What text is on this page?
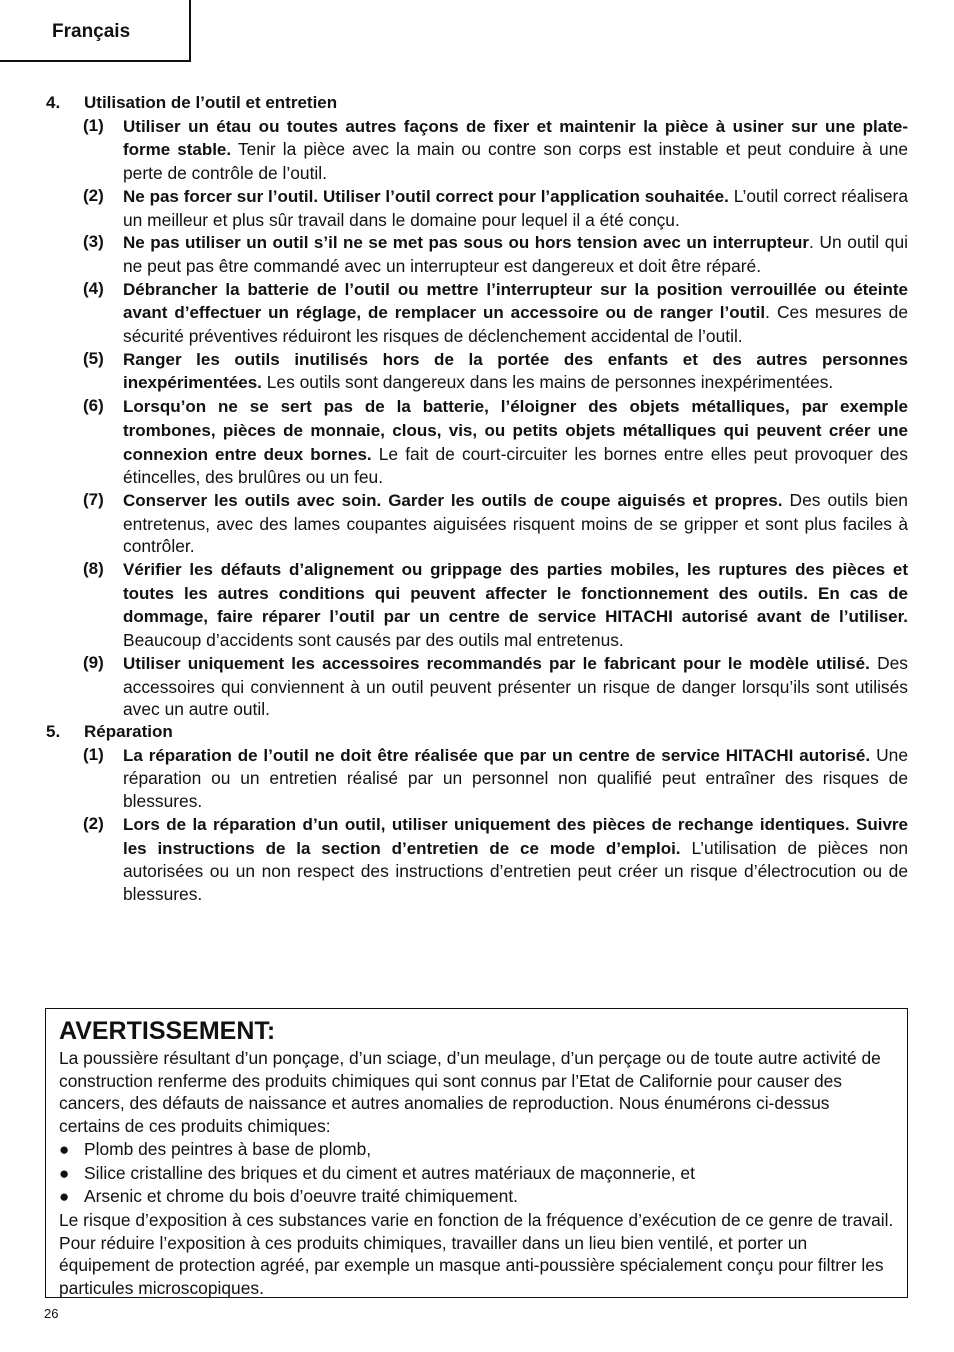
Français
4. Utilisation de l’outil et entretien
(1) Utiliser un étau ou toutes autres façons de fixer et maintenir la pièce à usiner sur une plate-forme stable. Tenir la pièce avec la main ou contre son corps est instable et peut conduire à une perte de contrôle de l’outil.
(2) Ne pas forcer sur l’outil. Utiliser l’outil correct pour l’application souhaitée. L’outil correct réalisera un meilleur et plus sûr travail dans le domaine pour lequel il a été conçu.
(3) Ne pas utiliser un outil s’il ne se met pas sous ou hors tension avec un interrupteur. Un outil qui ne peut pas être commandé avec un interrupteur est dangereux et doit être réparé.
(4) Débrancher la batterie de l’outil ou mettre l’interrupteur sur la position verrouillée ou éteinte avant d’effectuer un réglage, de remplacer un accessoire ou de ranger l’outil. Ces mesures de sécurité préventives réduiront les risques de déclenchement accidental de l’outil.
(5) Ranger les outils inutilisés hors de la portée des enfants et des autres personnes inexpérimentées. Les outils sont dangereux dans les mains de personnes inexpérimentées.
(6) Lorsqu’on ne se sert pas de la batterie, l’éloigner des objets métalliques, par exemple trombones, pièces de monnaie, clous, vis, ou petits objets métalliques qui peuvent créer une connexion entre deux bornes. Le fait de court-circuiter les bornes entre elles peut provoquer des étincelles, des brulûres ou un feu.
(7) Conserver les outils avec soin. Garder les outils de coupe aiguisés et propres. Des outils bien entretenus, avec des lames coupantes aiguisées risquent moins de se gripper et sont plus faciles à contrôler.
(8) Vérifier les défauts d’alignement ou grippage des parties mobiles, les ruptures des pièces et toutes les autres conditions qui peuvent affecter le fonctionnement des outils. En cas de dommage, faire réparer l’outil par un centre de service HITACHI autorisé avant de l’utiliser. Beaucoup d’accidents sont causés par des outils mal entretenus.
(9) Utiliser uniquement les accessoires recommandés par le fabricant pour le modèle utilisé. Des accessoires qui conviennent à un outil peuvent présenter un risque de danger lorsqu’ils sont utilisés avec un autre outil.
5. Réparation
(1) La réparation de l’outil ne doit être réalisée que par un centre de service HITACHI autorisé. Une réparation ou un entretien réalisé par un personnel non qualifié peut entraîner des risques de blessures.
(2) Lors de la réparation d’un outil, utiliser uniquement des pièces de rechange identiques. Suivre les instructions de la section d’entretien de ce mode d’emploi. L’utilisation de pièces non autorisées ou un non respect des instructions d’entretien peut créer un risque d’électrocution ou de blessures.
AVERTISSEMENT:
La poussière résultant d’un ponçage, d’un sciage, d’un meulage, d’un perçage ou de toute autre activité de construction renferme des produits chimiques qui sont connus par l’Etat de Californie pour causer des cancers, des défauts de naissance et autres anomalies de reproduction. Nous énumérons ci-dessus certains de ces produits chimiques:
● Plomb des peintres à base de plomb,
● Silice cristalline des briques et du ciment et autres matériaux de maçonnerie, et
● Arsenic et chrome du bois d’oeuvre traité chimiquement.
Le risque d’exposition à ces substances varie en fonction de la fréquence d’exécution de ce genre de travail. Pour réduire l’exposition à ces produits chimiques, travailler dans un lieu bien ventilé, et porter un équipement de protection agréé, par exemple un masque anti-poussière spécialement conçu pour filtrer les particules microscopiques.
26
